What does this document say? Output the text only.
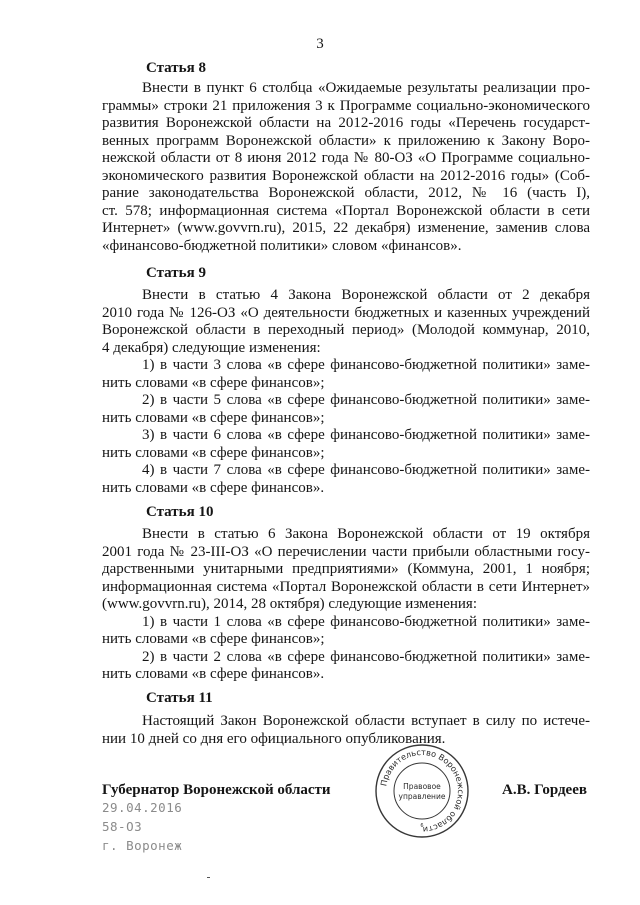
3
Статья 8
Внести в пункт 6 столбца «Ожидаемые результаты реализации про-
граммы» строки 21 приложения 3 к Программе социально-экономического
развития Воронежской области на 2012-2016 годы «Перечень государст-
венных программ Воронежской области» к приложению к Закону Воро-
нежской области от 8 июня 2012 года № 80-ОЗ «О Программе социально-
экономического развития Воронежской области на 2012-2016 годы» (Соб-
рание законодательства Воронежской области, 2012, № 16 (часть I),
ст. 578; информационная система «Портал Воронежской области в сети
Интернет» (www.govvrn.ru), 2015, 22 декабря) изменение, заменив слова
«финансово-бюджетной политики» словом «финансов».
Статья 9
Внести в статью 4 Закона Воронежской области от 2 декабря
2010 года № 126-ОЗ «О деятельности бюджетных и казенных учреждений
Воронежской области в переходный период» (Молодой коммунар, 2010,
4 декабря) следующие изменения:
1) в части 3 слова «в сфере финансово-бюджетной политики» заме-
нить словами «в сфере финансов»;
2) в части 5 слова «в сфере финансово-бюджетной политики» заме-
нить словами «в сфере финансов»;
3) в части 6 слова «в сфере финансово-бюджетной политики» заме-
нить словами «в сфере финансов»;
4) в части 7 слова «в сфере финансово-бюджетной политики» заме-
нить словами «в сфере финансов».
Статья 10
Внести в статью 6 Закона Воронежской области от 19 октября
2001 года № 23-III-ОЗ «О перечислении части прибыли областными госу-
дарственными унитарными предприятиями» (Коммуна, 2001, 1 ноября;
информационная система «Портал Воронежской области в сети Интернет»
(www.govvrn.ru), 2014, 28 октября) следующие изменения:
1) в части 1 слова «в сфере финансово-бюджетной политики» заме-
нить словами «в сфере финансов»;
2) в части 2 слова «в сфере финансово-бюджетной политики» заме-
нить словами «в сфере финансов».
Статья 11
Настоящий Закон Воронежской области вступает в силу по истече-
нии 10 дней со дня его официального опубликования.
Губернатор Воронежской области	А.В. Гордеев
29.04.2016
58-ОЗ
г. Воронеж
Правительство Воронежской области
Правовое
управление
6
